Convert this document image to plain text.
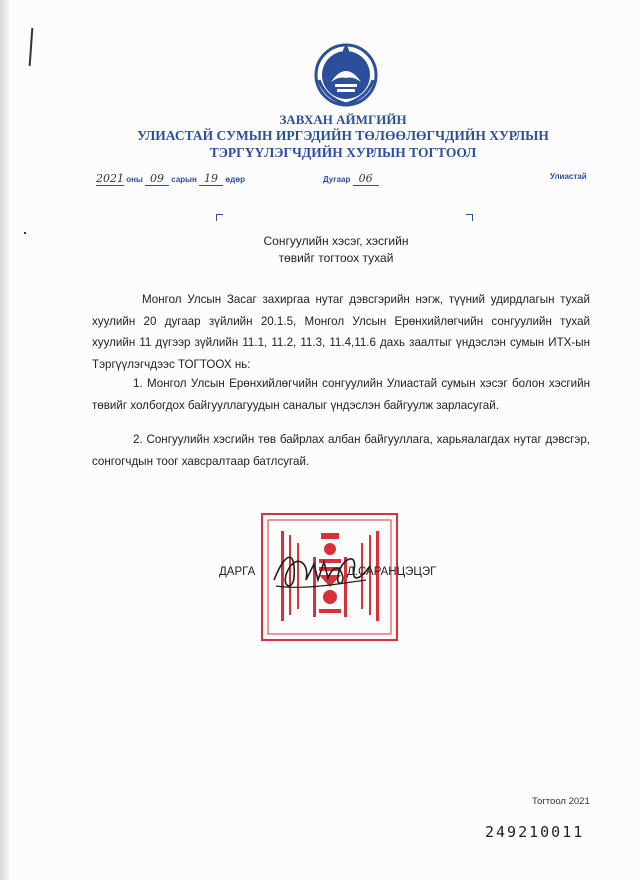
ЗАВХАН АЙМГИЙН
УЛИАСТАЙ СУМЫН ИРГЭДИЙН ТӨЛӨӨЛӨГЧДИЙН ХУРЛЫН
ТЭРГҮҮЛЭГЧДИЙН ХУРЛЫН ТОГТООЛ
2021 оны 09 сарын 19 өдөр	Дугаар 06	Улиастай
Сонгуулийн хэсэг, хэсгийн
төвийг тогтоох тухай
Монгол Улсын Засаг захиргаа нутаг дэвсгэрийн нэгж, түүний удирдлагын тухай хуулийн 20 дугаар зүйлийн 20.1.5, Монгол Улсын Ерөнхийлөгчийн сонгуулийн тухай хуулийн 11 дүгээр зүйлийн 11.1, 11.2, 11.3, 11.4,11.6 дахь заалтыг үндэслэн сумын ИТХ-ын Тэргүүлэгчдээс ТОГТООХ нь:
1. Монгол Улсын Ерөнхийлөгчийн сонгуулийн Улиастай сумын хэсэг болон хэсгийн төвийг холбогдох байгууллагуудын саналыг үндэслэн байгуулж зарласугай.
2. Сонгуулийн хэсгийн төв байрлах албан байгууллага, харьяалагдах нутаг дэвсгэр, сонгогчдын тоог хавсралтаар батлсугай.
ДАРГА	Д.САРАНЦЭЦЭГ
Тогтоол 2021
249210011
